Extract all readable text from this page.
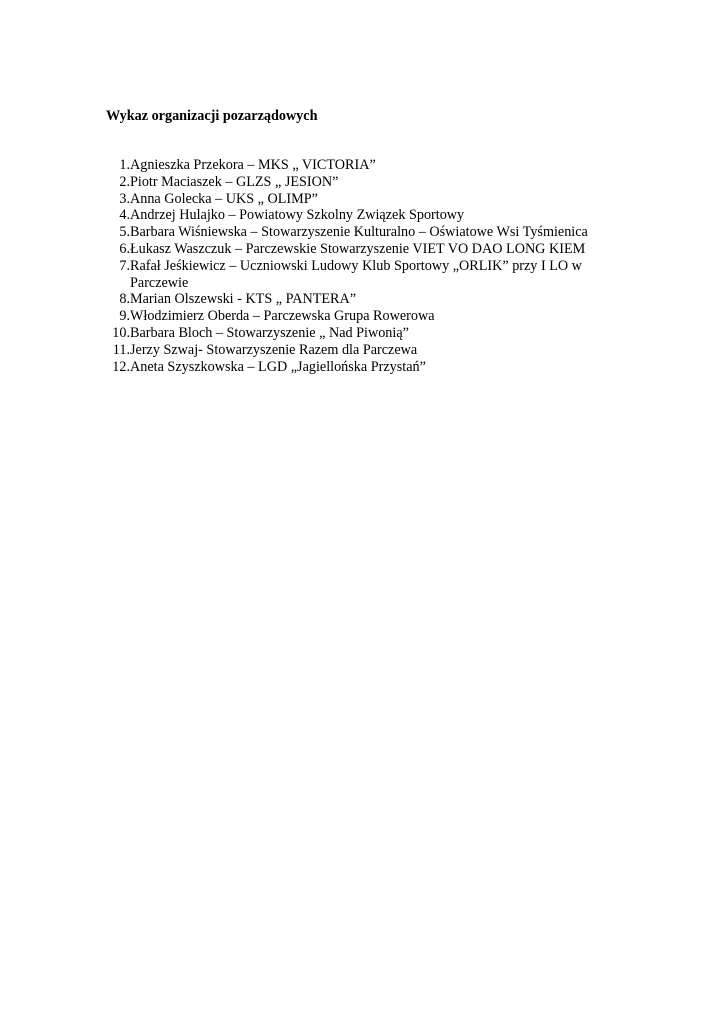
Wykaz organizacji pozarządowych
1. Agnieszka Przekora – MKS „ VICTORIA”
2. Piotr Maciaszek – GLZS „ JESION”
3. Anna Golecka – UKS „ OLIMP”
4. Andrzej Hulajko – Powiatowy Szkolny Związek Sportowy
5. Barbara Wiśniewska – Stowarzyszenie Kulturalno – Oświatowe Wsi Tyśmienica
6. Łukasz Waszczuk – Parczewskie Stowarzyszenie VIET VO DAO LONG KIEM
7. Rafał Jeśkiewicz – Uczniowski Ludowy Klub Sportowy „ORLIK” przy I LO w Parczewie
8. Marian Olszewski - KTS „ PANTERA”
9. Włodzimierz Oberda – Parczewska Grupa Rowerowa
10. Barbara Bloch – Stowarzyszenie „ Nad Piwonią”
11. Jerzy Szwaj- Stowarzyszenie Razem dla Parczewa
12. Aneta Szyszkowska – LGD „Jagiellońska Przystań”
